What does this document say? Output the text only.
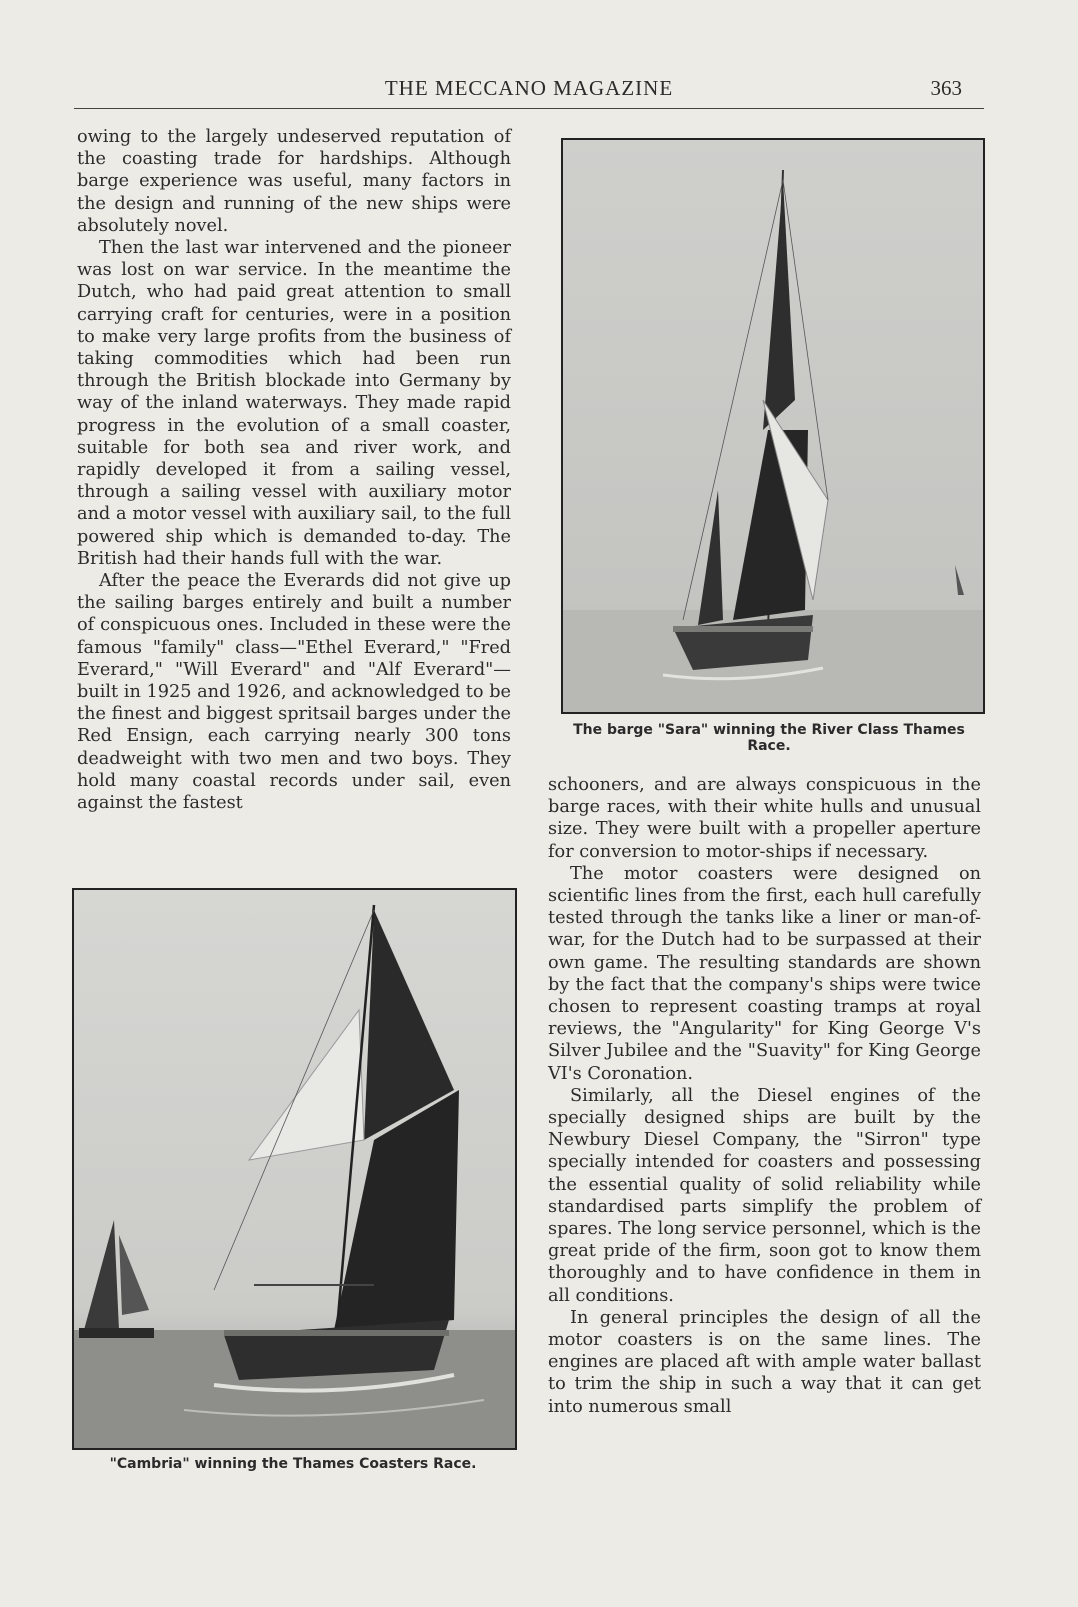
THE MECCANO MAGAZINE	363

owing to the largely undeserved reputation of the coasting trade for hardships. Although barge experience was useful, many factors in the design and running of the new ships were absolutely novel.

Then the last war intervened and the pioneer was lost on war service. In the meantime the Dutch, who had paid great attention to small carrying craft for centuries, were in a position to make very large profits from the business of taking commodities which had been run through the British blockade into Germany by way of the inland waterways. They made rapid progress in the evolution of a small coaster, suitable for both sea and river work, and rapidly developed it from a sailing vessel, through a sailing vessel with auxiliary motor and a motor vessel with auxiliary sail, to the full powered ship which is demanded to-day. The British had their hands full with the war.

After the peace the Everards did not give up the sailing barges entirely and built a number of conspicuous ones. Included in these were the famous "family" class—"Ethel Everard," "Fred Everard," "Will Everard" and "Alf Everard"—built in 1925 and 1926, and acknowledged to be the finest and biggest spritsail barges under the Red Ensign, each carrying nearly 300 tons deadweight with two men and two boys. They hold many coastal records under sail, even against the fastest

The barge "Sara" winning the River Class Thames Race.
"Cambria" winning the Thames Coasters Race.

schooners, and are always conspicuous in the barge races, with their white hulls and unusual size. They were built with a propeller aperture for conversion to motor-ships if necessary.

The motor coasters were designed on scientific lines from the first, each hull carefully tested through the tanks like a liner or man-of-war, for the Dutch had to be surpassed at their own game. The resulting standards are shown by the fact that the company's ships were twice chosen to represent coasting tramps at royal reviews, the "Angularity" for King George V's Silver Jubilee and the "Suavity" for King George VI's Coronation.

Similarly, all the Diesel engines of the specially designed ships are built by the Newbury Diesel Company, the "Sirron" type specially intended for coasters and possessing the essential quality of solid reliability while standardised parts simplify the problem of spares. The long service personnel, which is the great pride of the firm, soon got to know them thoroughly and to have confidence in them in all conditions.

In general principles the design of all the motor coasters is on the same lines. The engines are placed aft with ample water ballast to trim the ship in such a way that it can get into numerous small
